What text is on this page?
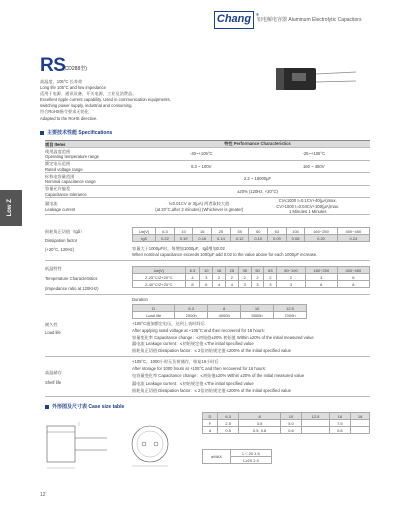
Chang ®
铝电解电容器 Aluminum Electrolytic Capacitors
RS
(CD288型)
高温度，105°C 长寿命
Long life 105°C and low impedance
适用于电源、通讯设备，开关电源，工业及消费品。
Excellent ripple current capability. Used in communication equipments,
switching power supply, industrial and consuming.
符合RoHS指令要求无铅化
Adapted to the RoHS directive.
Low Z
主要技术性能 Specifications
项目 Items	特性 Performance Characteristics
使用温度范围
Operating temperature range
-40~+105°C	-25~+105°C
额定电压范围
Rated voltage range
6.3 ~ 100V	160 ~ 450V
标称电容量范围
Nominal capacitance range
2.2 ~ 15000μF
容量允许偏差
Capacitance tolerance
±20% (120Hz, +20°C)
漏电流
Leakage current
I≤0.01CV or 3(μA) 两者取较大值
(at 20°C,after 2 minutes) (Whichever is greater)
CV≤1000 I=0.1CV+40(μA)max.
CV>1000 I=0.04CV+100(μA)max.
1 Minutes 1 Minutes
损耗角正切值（tgδ）
Dissipation factor
(+20°C, 120Hz)
Uʀ(V)	6.3	10	16	25	35	50	63	100	160~250	400~450
tgδ	0.22	0.19	0.16	0.14	0.12	0.10	0.09	0.08	0.20	0.24
容量大于1000μF时，每增加1000μF，tgδ增加0.02
When nominal capacitance exceeds 1000μF add 0.02 to the value above for each 1000μF increase.
低温特性
Temperature Characteristics
(Impedance ratio at 120KHz)
Uʀ(V)	6.3	10	16	25	35	50	63	80~100	160~250	400~450
Z-25°C/Z+20°C	4	3	2	2	2	2	2	2	3	6
Z-40°C/Z+20°C	8	6	4	4	3	3	3	3	6	8
Duration
D	6.3	8	10	12.5
Load life	2000h	4000h	5000h	7000h
耐久性
Load life
+105°C施加额定电压，达到上表时间后
After applying rated voltage at +105°C and then recovered for 16 hours:
容量变化率 Capacitance change：≤初始值±20% 初始值 Within ±20% of the initial measured value
漏电流 Leakage current：≤初始规定值 ≤The initial specified value
损耗角正切值 Dissipation factor：≤ 2倍初始规定值 ≤200% of the initial specified value
高温储存
Shelf life
+105°C，1000小时无负荷储存，恢复16小时后
After storage for 1000 hours at +105°C and then recovered for 16 hours:
电容量变化率 Capacitance change：≤初始值±20% Within ±20% of the initial measured value
漏电流 Leakage current：≤初始规定值 ≤The initial specified value
损耗角正切值 Dissipation factor：≤ 2倍初始规定值 ≤200% of the initial specified value
外形图及尺寸表 Case size table
D	6.3	8	10	12.5	16	18
F	2.5	3.5	5.0		7.5	
d	0.5	0.5, 0.6	0.6		0.8	
αMAX	L＜20 1.5
L≥20 2.0
12
